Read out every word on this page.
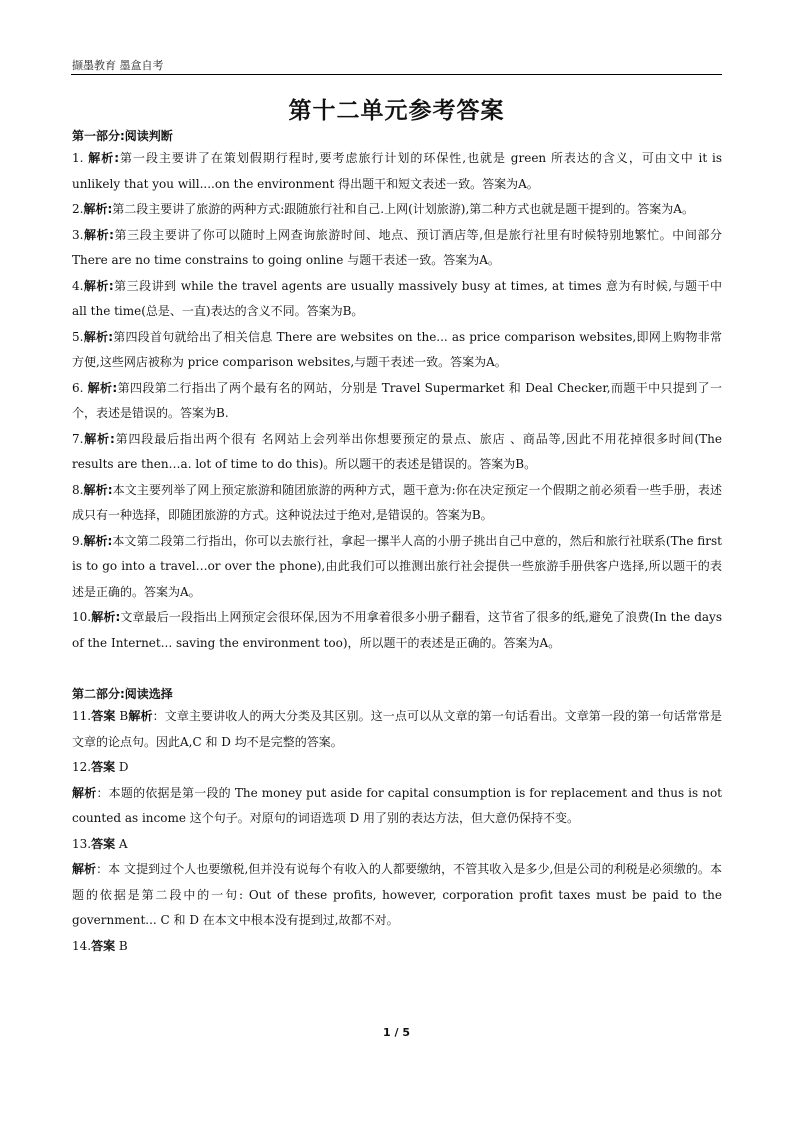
撷墨教育 墨盒自考
第十二单元参考答案
第一部分:阅读判断
1. 解析:第一段主要讲了在策划假期行程时,要考虑旅行计划的环保性,也就是 green 所表达的含义，可由文中 it is unlikely that you will....on the environment 得出题干和短文表述一致。答案为A。
2.解析:第二段主要讲了旅游的两种方式:跟随旅行社和自己.上网(计划旅游),第二种方式也就是题干提到的。答案为A。
3.解析:第三段主要讲了你可以随时上网查询旅游时间、地点、预订酒店等,但是旅行社里有时候特别地繁忙。中间部分 There are no time constrains to going online 与题干表述一致。答案为A。
4.解析:第三段讲到 while the travel agents are usually massively busy at times, at times 意为有时候,与题干中 all the time(总是、一直)表达的含义不同。答案为B。
5.解析:第四段首句就给出了相关信息 There are websites on the... as price comparison websites,即网上购物非常方便,这些网店被称为 price comparison websites,与题干表述一致。答案为A。
6. 解析:第四段第二行指出了两个最有名的网站，分别是 Travel Supermarket 和 Deal Checker,而题干中只提到了一个，表述是错误的。答案为B.
7.解析:第四段最后指出两个很有 名网站上会列举出你想要预定的景点、旅店 、商品等,因此不用花掉很多时间(The results are then…a. lot of time to do this)。所以题干的表述是错误的。答案为B。
8.解析:本文主要列举了网上预定旅游和随团旅游的两种方式，题干意为:你在决定预定一个假期之前必须看一些手册，表述成只有一种选择，即随团旅游的方式。这种说法过于绝对,是错误的。答案为B。
9.解析:本文第二段第二行指出，你可以去旅行社，拿起一摞半人高的小册子挑出自己中意的，然后和旅行社联系(The first is to go into a travel…or over the phone),由此我们可以推测出旅行社会提供一些旅游手册供客户选择,所以题干的表述是正确的。答案为A。
10.解析:文章最后一段指出上网预定会很环保,因为不用拿着很多小册子翻看，这节省了很多的纸,避免了浪费(In the days of the Internet... saving the environment too)，所以题干的表述是正确的。答案为A。
第二部分:阅读选择
11.答案 B解析：文章主要讲收人的两大分类及其区别。这一点可以从文章的第一句话看出。文章第一段的第一句话常常是文章的论点句。因此A,C 和 D 均不是完整的答案。
12.答案 D
解析：本题的依据是第一段的 The money put aside for capital consumption is for replacement and thus is not counted as income 这个句子。对原句的词语选项 D 用了别的表达方法，但大意仍保持不变。
13.答案 A
解析：本 文提到过个人也要缴税,但并没有说每个有收入的人都要缴纳，不管其收入是多少,但是公司的利税是必须缴的。本题的依据是第二段中的一句: Out of these profits, however, corporation profit taxes must be paid to the government... C 和 D 在本文中根本没有提到过,故都不对。
14.答案 B
1 / 5
